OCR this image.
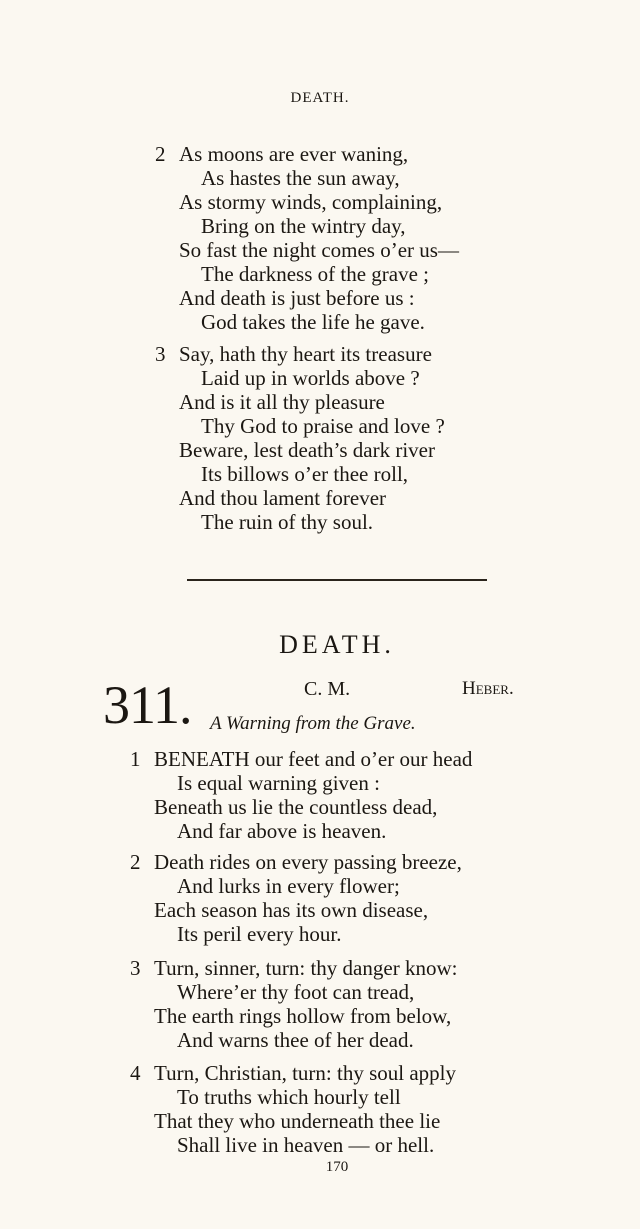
DEATH.
2 As moons are ever waning,
As hastes the sun away,
As stormy winds, complaining,
Bring on the wintry day,
So fast the night comes o’er us—
The darkness of the grave ;
And death is just before us :
God takes the life he gave.
3 Say, hath thy heart its treasure
Laid up in worlds above ?
And is it all thy pleasure
Thy God to praise and love ?
Beware, lest death’s dark river
Its billows o’er thee roll,
And thou lament forever
The ruin of thy soul.
DEATH.
311.	C. M.	Heber.
A Warning from the Grave.
1 BENEATH our feet and o’er our head
Is equal warning given :
Beneath us lie the countless dead,
And far above is heaven.
2 Death rides on every passing breeze,
And lurks in every flower;
Each season has its own disease,
Its peril every hour.
3 Turn, sinner, turn: thy danger know:
Where’er thy foot can tread,
The earth rings hollow from below,
And warns thee of her dead.
4 Turn, Christian, turn: thy soul apply
To truths which hourly tell
That they who underneath thee lie
Shall live in heaven — or hell.
170
